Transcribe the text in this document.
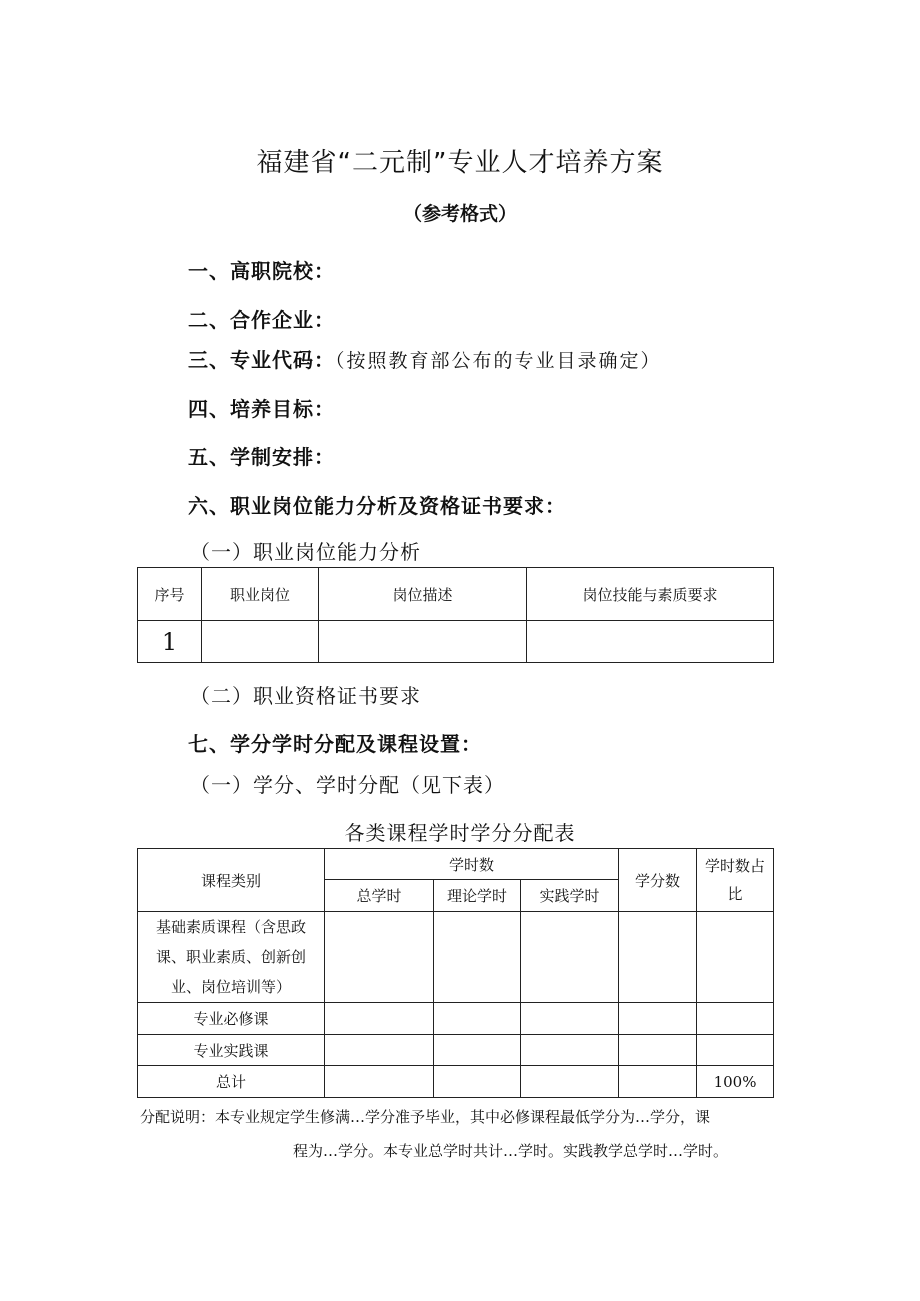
福建省“二元制”专业人才培养方案
（参考格式）
一、高职院校：
二、合作企业：
三、专业代码：（按照教育部公布的专业目录确定）
四、培养目标：
五、学制安排：
六、职业岗位能力分析及资格证书要求：
（一）职业岗位能力分析
序号	职业岗位	岗位描述	岗位技能与素质要求
1			
（二）职业资格证书要求
七、学分学时分配及课程设置：
（一）学分、学时分配（见下表）
各类课程学时学分分配表
课程类别	学时数			学分数	学时数占比
	总学时	理论学时	实践学时		
基础素质课程（含思政课、职业素质、创新创业、岗位培训等）					
专业必修课					
专业实践课					
总计					100%
分配说明：本专业规定学生修满…学分准予毕业，其中必修课程最低学分为…学分，课
程为…学分。本专业总学时共计…学时。实践教学总学时…学时。
